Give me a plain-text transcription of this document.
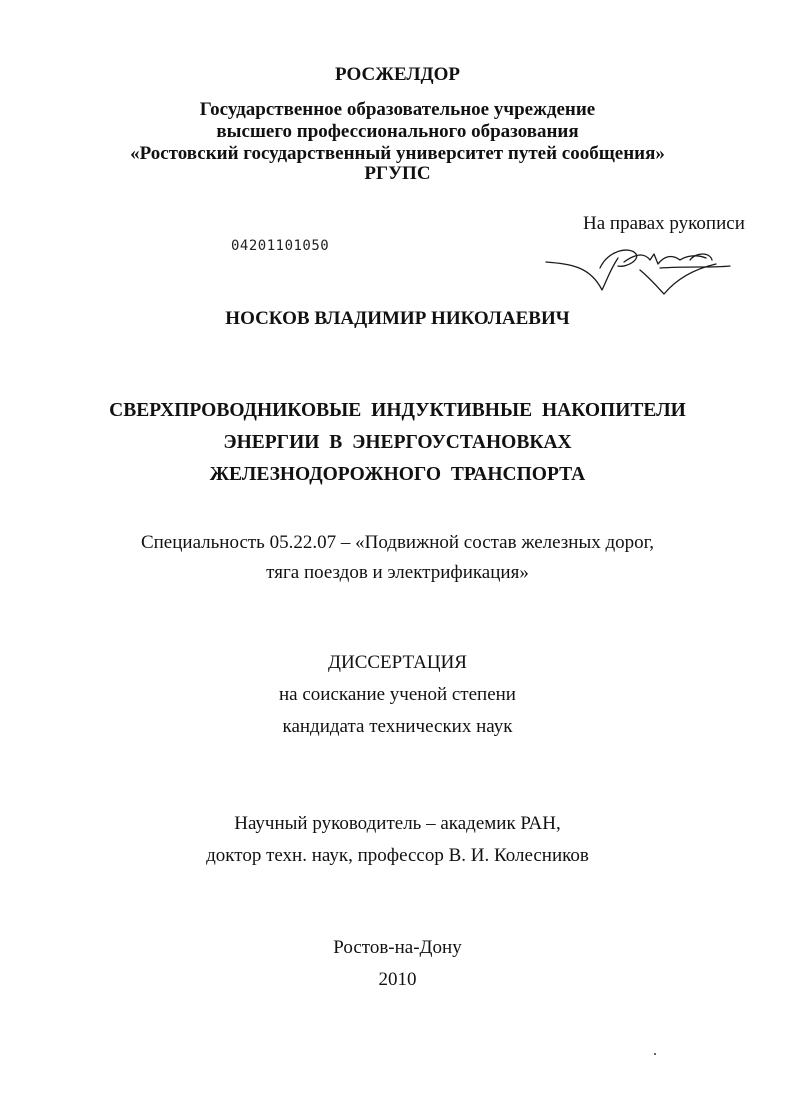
РОСЖЕЛДОР
Государственное образовательное учреждение
высшего профессионального образования
«Ростовский государственный университет путей сообщения»
РГУПС
На правах рукописи
04201101050
НОСКОВ ВЛАДИМИР НИКОЛАЕВИЧ
СВЕРХПРОВОДНИКОВЫЕ ИНДУКТИВНЫЕ НАКОПИТЕЛИ
ЭНЕРГИИ В ЭНЕРГОУСТАНОВКАХ
ЖЕЛЕЗНОДОРОЖНОГО ТРАНСПОРТА
Специальность 05.22.07 – «Подвижной состав железных дорог,
тяга поездов и электрификация»
ДИССЕРТАЦИЯ
на соискание ученой степени
кандидата технических наук
Научный руководитель – академик РАН,
доктор техн. наук, профессор В. И. Колесников
Ростов-на-Дону
2010
